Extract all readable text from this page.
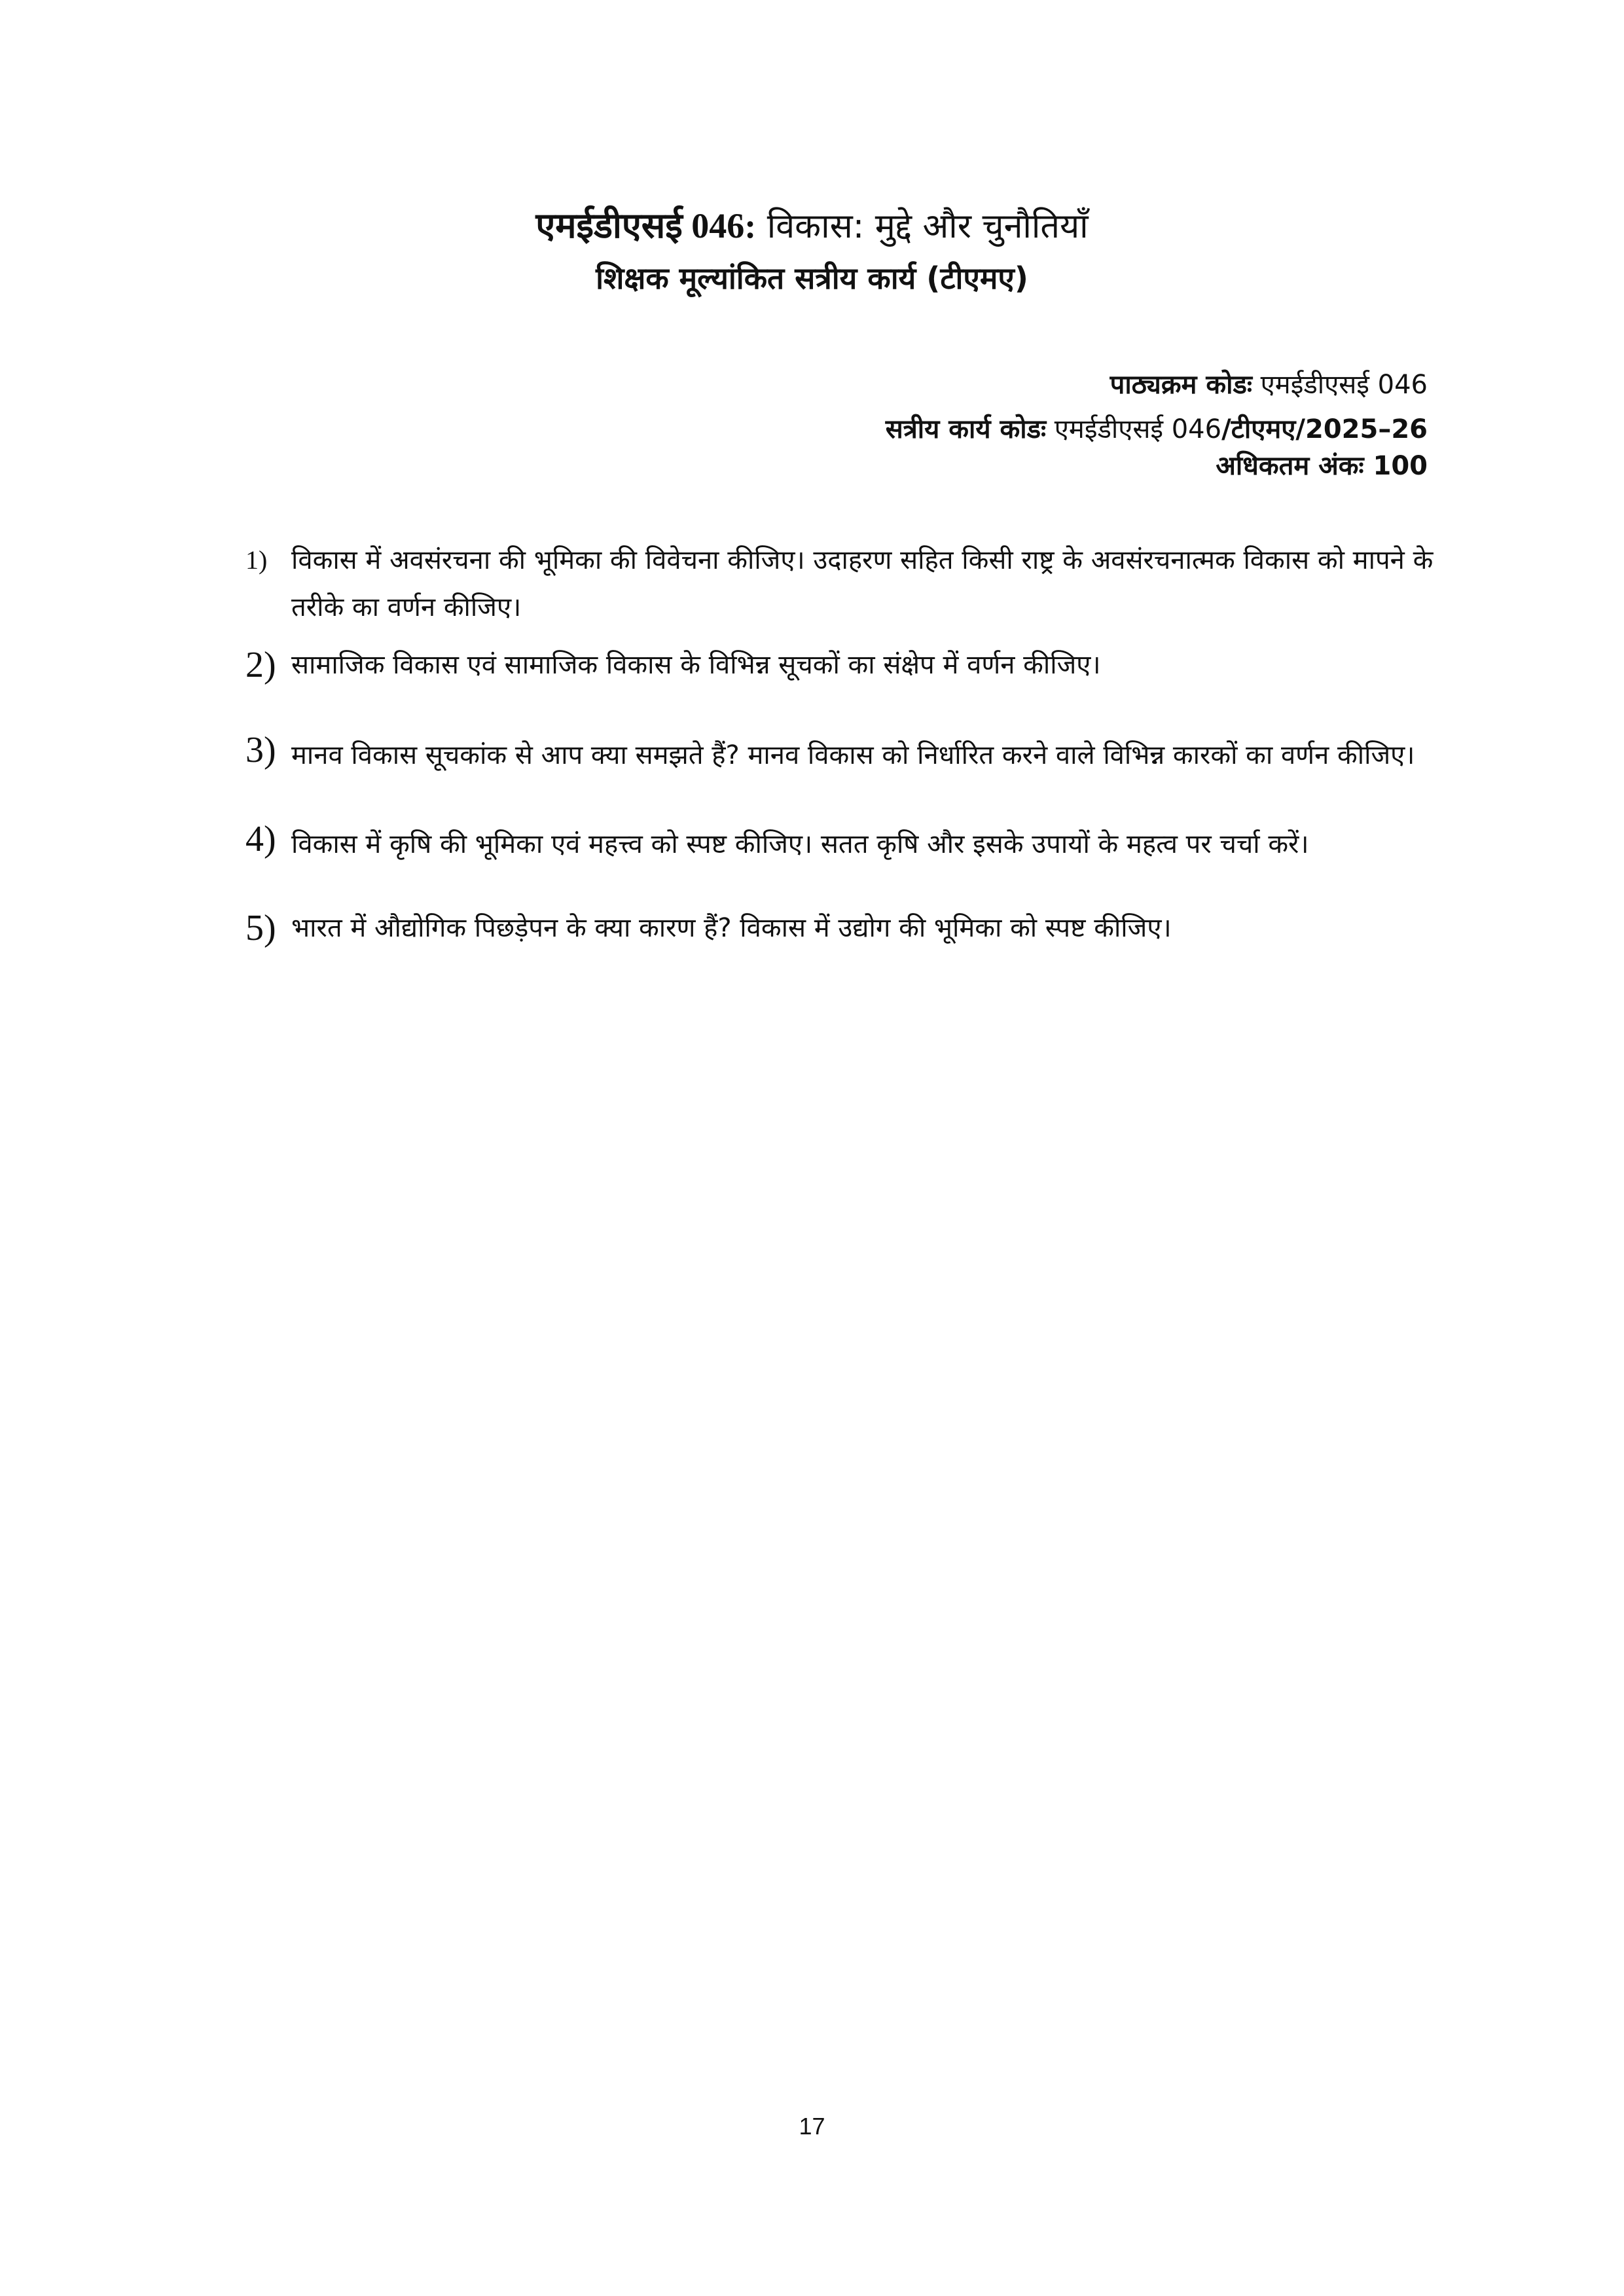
एमईडीएसई 046: विकास: मुद्दे और चुनौतियाँ
शिक्षक मूल्यांकित सत्रीय कार्य (टीएमए)
पाठ्यक्रम कोडः एमईडीएसई 046
सत्रीय कार्य कोडः एमईडीएसई 046/टीएमए/2025–26
अधिकतम अंकः 100
1) विकास में अवसंरचना की भूमिका की विवेचना कीजिए। उदाहरण सहित किसी राष्ट्र के अवसंरचनात्मक विकास को मापने के तरीके का वर्णन कीजिए।
2) सामाजिक विकास एवं सामाजिक विकास के विभिन्न सूचकों का संक्षेप में वर्णन कीजिए।
3) मानव विकास सूचकांक से आप क्या समझते हैं? मानव विकास को निर्धारित करने वाले विभिन्न कारकों का वर्णन कीजिए।
4) विकास में कृषि की भूमिका एवं महत्त्व को स्पष्ट कीजिए। सतत कृषि और इसके उपायों के महत्व पर चर्चा करें।
5) भारत में औद्योगिक पिछड़ेपन के क्या कारण हैं? विकास में उद्योग की भूमिका को स्पष्ट कीजिए।
17
